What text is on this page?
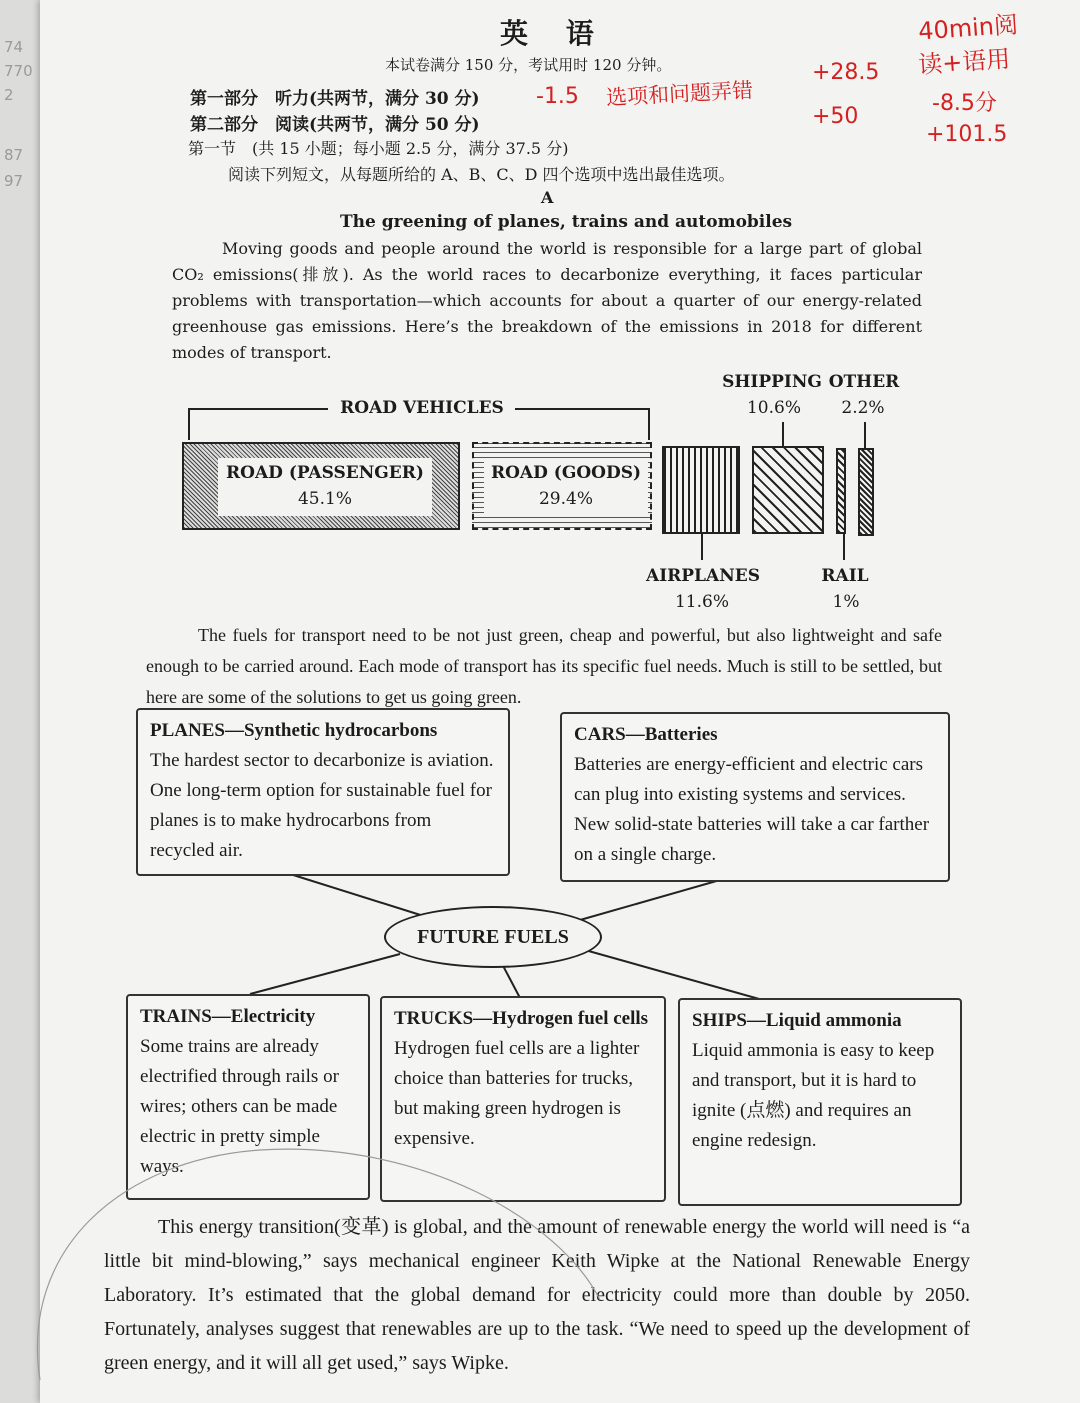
74
770
2
87
97
英 语
本试卷满分 150 分，考试用时 120 分钟。
第一部分　听力(共两节，满分 30 分)
第二部分　阅读(共两节，满分 50 分)
第一节　(共 15 小题；每小题 2.5 分，满分 37.5 分)
阅读下列短文，从每题所给的 A、B、C、D 四个选项中选出最佳选项。
A
40min阅
读+语用
-1.5 选项和问题弄错
+28.5
+50
-8.5分
+101.5
The greening of planes, trains and automobiles
Moving goods and people around the world is responsible for a large part of global CO₂ emissions(排放). As the world races to decarbonize everything, it faces particular problems with transportation—which accounts for about a quarter of our energy-related greenhouse gas emissions. Here’s the breakdown of the emissions in 2018 for different modes of transport.
ROAD VEHICLES
ROAD (PASSENGER)
45.1%
ROAD (GOODS)
29.4%
SHIPPING OTHER
10.6%	2.2%
AIRPLANES	RAIL
11.6%	1%
The fuels for transport need to be not just green, cheap and powerful, but also lightweight and safe enough to be carried around. Each mode of transport has its specific fuel needs. Much is still to be settled, but here are some of the solutions to get us going green.
PLANES—Synthetic hydrocarbons
The hardest sector to decarbonize is aviation. One long-term option for sustainable fuel for planes is to make hydrocarbons from recycled air.
CARS—Batteries
Batteries are energy-efficient and electric cars can plug into existing systems and services. New solid-state batteries will take a car farther on a single charge.
FUTURE FUELS
TRAINS—Electricity
Some trains are already electrified through rails or wires; others can be made electric in pretty simple ways.
TRUCKS—Hydrogen fuel cells
Hydrogen fuel cells are a lighter choice than batteries for trucks, but making green hydrogen is expensive.
SHIPS—Liquid ammonia
Liquid ammonia is easy to keep and transport, but it is hard to ignite (点燃) and requires an engine redesign.
This energy transition(变革) is global, and the amount of renewable energy the world will need is “a little bit mind-blowing,” says mechanical engineer Keith Wipke at the National Renewable Energy Laboratory. It’s estimated that the global demand for electricity could more than double by 2050. Fortunately, analyses suggest that renewables are up to the task. “We need to speed up the development of green energy, and it will all get used,” says Wipke.
